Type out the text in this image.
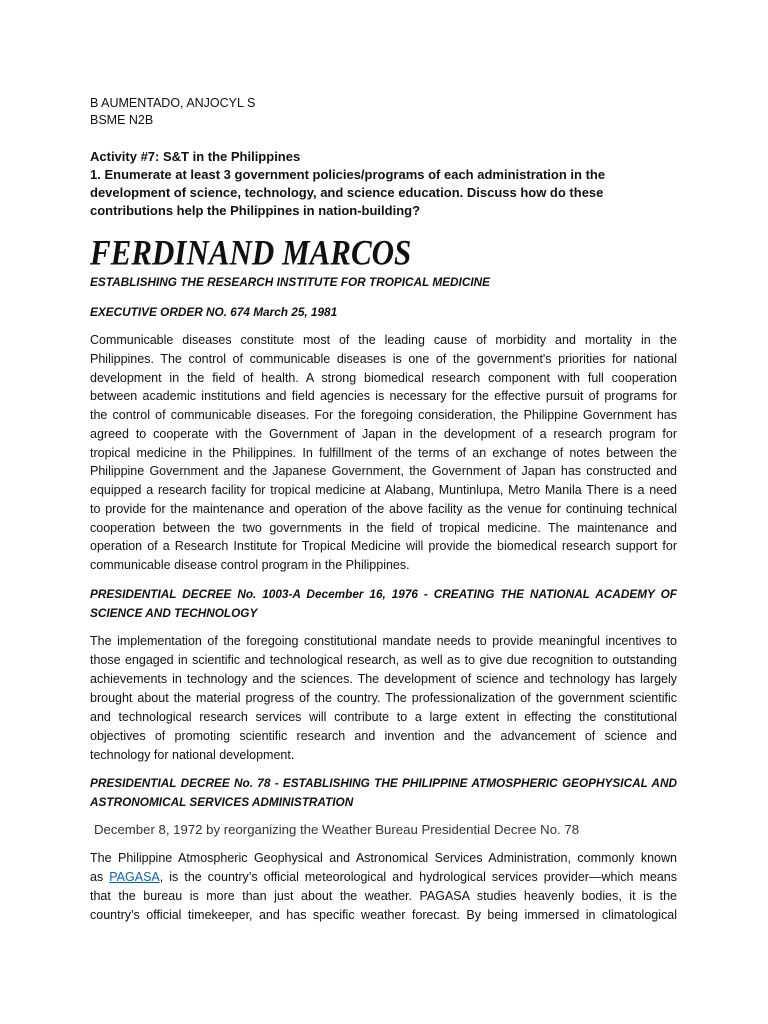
B AUMENTADO, ANJOCYL S
BSME N2B
Activity #7: S&T in the Philippines
1. Enumerate at least 3 government policies/programs of each administration in the
development of science, technology, and science education. Discuss how do these
contributions help the Philippines in nation-building?
FERDINAND MARCOS
ESTABLISHING THE RESEARCH INSTITUTE FOR TROPICAL MEDICINE
EXECUTIVE ORDER NO. 674 March 25, 1981
Communicable diseases constitute most of the leading cause of morbidity and mortality in the
Philippines. The control of communicable diseases is one of the government's priorities for national
development in the field of health. A strong biomedical research component with full cooperation
between academic institutions and field agencies is necessary for the effective pursuit of programs for
the control of communicable diseases. For the foregoing consideration, the Philippine Government has
agreed to cooperate with the Government of Japan in the development of a research program for
tropical medicine in the Philippines. In fulfillment of the terms of an exchange of notes between the
Philippine Government and the Japanese Government, the Government of Japan has constructed and
equipped a research facility for tropical medicine at Alabang, Muntinlupa, Metro Manila There is a need
to provide for the maintenance and operation of the above facility as the venue for continuing technical
cooperation between the two governments in the field of tropical medicine. The maintenance and
operation of a Research Institute for Tropical Medicine will provide the biomedical research support for
communicable disease control program in the Philippines.
PRESIDENTIAL DECREE No. 1003-A December 16, 1976 - CREATING THE NATIONAL ACADEMY OF
SCIENCE AND TECHNOLOGY
The implementation of the foregoing constitutional mandate needs to provide meaningful incentives to
those engaged in scientific and technological research, as well as to give due recognition to outstanding
achievements in technology and the sciences. The development of science and technology has largely
brought about the material progress of the country. The professionalization of the government scientific
and technological research services will contribute to a large extent in effecting the constitutional
objectives of promoting scientific research and invention and the advancement of science and
technology for national development.
PRESIDENTIAL DECREE No. 78 - ESTABLISHING THE PHILIPPINE ATMOSPHERIC GEOPHYSICAL AND
ASTRONOMICAL SERVICES ADMINISTRATION
December 8, 1972 by reorganizing the Weather Bureau Presidential Decree No. 78
The Philippine Atmospheric Geophysical and Astronomical Services Administration, commonly known
as PAGASA, is the country’s official meteorological and hydrological services provider—which means
that the bureau is more than just about the weather. PAGASA studies heavenly bodies, it is the
country’s official timekeeper, and has specific weather forecast. By being immersed in climatological
